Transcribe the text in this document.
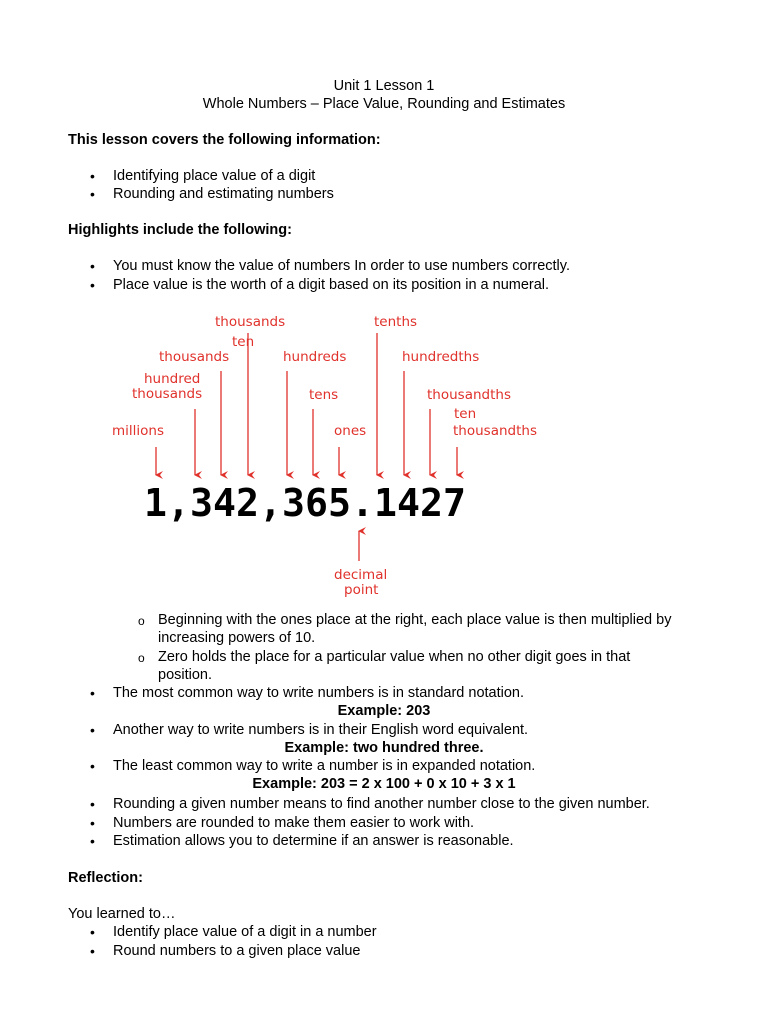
Unit 1 Lesson 1
Whole Numbers – Place Value, Rounding and Estimates
This lesson covers the following information:
• Identifying place value of a digit
• Rounding and estimating numbers
Highlights include the following:
• You must know the value of numbers In order to use numbers correctly.
• Place value is the worth of a digit based on its position in a numeral.
thousands
ten
thousands
hundred
thousands
millions
hundreds
tens
ones
tenths
hundredths
thousandths
ten
thousandths
1,342,365.1427
decimal
point
o Beginning with the ones place at the right, each place value is then multiplied by
increasing powers of 10.
o Zero holds the place for a particular value when no other digit goes in that
position.
• The most common way to write numbers is in standard notation.
Example: 203
• Another way to write numbers is in their English word equivalent.
Example: two hundred three.
• The least common way to write a number is in expanded notation.
Example: 203 = 2 x 100 + 0 x 10 + 3 x 1
• Rounding a given number means to find another number close to the given number.
• Numbers are rounded to make them easier to work with.
• Estimation allows you to determine if an answer is reasonable.
Reflection:
You learned to…
• Identify place value of a digit in a number
• Round numbers to a given place value
